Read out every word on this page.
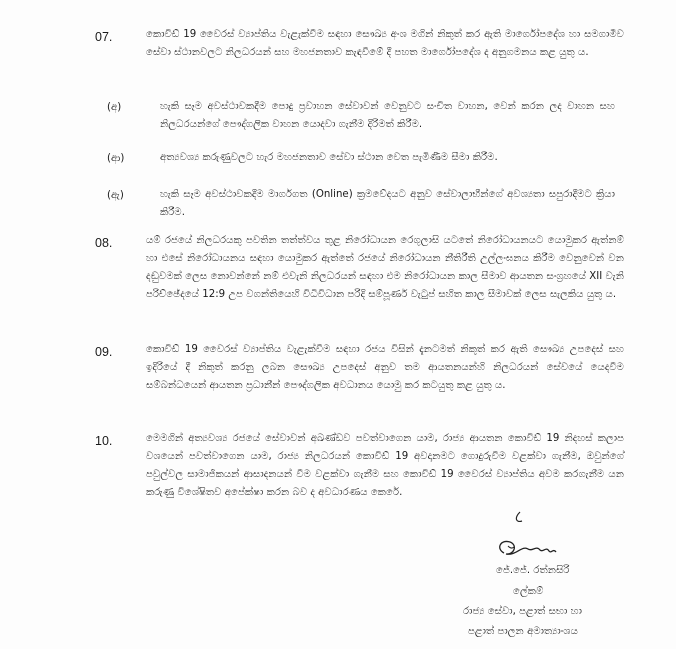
07.	කොවිඩ් 19 වෛරස් ව්‍යාප්තිය වැළැක්වීම සඳහා සෞඛ්‍ය අංශ මගින් නිකුත් කර ඇති මාර්ගෝපදේශ හා සමගාමීව සේවා ස්ථානවලට නිලධරයන් සහ මහජනතාව කැඳවීමේ දී පහත මාර්ගෝපදේශ ද අනුගමනය කළ යුතු ය.

(අ)	හැකි සෑම අවස්ථාවකදීම පොදු ප්‍රවාහන සේවාවන් වෙනුවට සංචිත වාහන, වෙන් කරන ලද වාහන සහ නිලධරයන්ගේ පෞද්ගලික වාහන යොදවා ගැනීම දිරිමත් කිරීම.

(ආ)	අත්‍යවශ්‍ය කරුණුවලට හැර මහජනතාව සේවා ස්ථාන වෙත පැමිණීම සීමා කිරීම.

(ඇ)	හැකි සෑම අවස්ථාවකදීම මාර්ගගත (Online) ක්‍රමවේදයට අනුව සේවාලාභීන්ගේ අවශ්‍යතා සපුරාදීමට ක්‍රියා කිරීම.

08.	යම් රජයේ නිලධරයකු පවතින තත්ත්වය තුළ නිරෝධායන රෙගුලාසි යටතේ නිරෝධායනයට යොමුකර ඇත්නම් හා එසේ නිරෝධායනය සඳහා යොමුකර ඇත්තේ රජයේ නිරෝධායන නීතිරීති උල්ලංඝනය කිරීම වෙනුවෙන් වන දඬුවමක් ලෙස නොවන්නේ නම් එවැනි නිලධරයන් සඳහා එම නිරෝධායන කාල සීමාව ආයතන සංග්‍රහයේ XII වැනි පරිච්ඡේදයේ 12:9 උප වගන්තියෙහි විධිවිධාන පරිදි සම්පූර්ණ වැටුප් සහිත කාල සීමාවක් ලෙස සැලකිය යුතු ය.

09.	කොවිඩ් 19 වෛරස් ව්‍යාප්තිය වැළැක්වීම සඳහා රජය විසින් දැනටමත් නිකුත් කර ඇති සෞඛ්‍ය උපදෙස් සහ ඉදිරියේ දී නිකුත් කරනු ලබන සෞඛ්‍ය උපදෙස් අනුව තම ආයතනයන්හි නිලධරයන් සේවයේ යෙදවීම සම්බන්ධයෙන් ආයතන ප්‍රධානීන් පෞද්ගලික අවධානය යොමු කර කටයුතු කළ යුතු ය.

10.	මෙමගින් අත්‍යවශ්‍ය රජයේ සේවාවන් අඛණ්ඩව පවත්වාගෙන යාම, රාජ්‍ය ආයතන කොවිඩ් 19 නිදහස් කලාප වශයෙන් පවත්වාගෙන යාම, රාජ්‍ය නිලධරයන් කොවිඩ් 19 අවදානමට ගොදුරුවීම වළක්වා ගැනීම, ඔවුන්ගේ පවුල්වල සාමාජිකයන් ආසාදනයන් වීම වළක්වා ගැනීම සහ කොවිඩ් 19 වෛරස් ව්‍යාප්තිය අවම කරගැනීම යන කරුණු විශේෂිතව අපේක්ෂා කරන බව ද අවධාරණය කෙරේ.

ජේ.ජේ. රත්නසිරි
ලේකම්
රාජ්‍ය සේවා, පළාත් සභා හා
පළාත් පාලන අමාත්‍යාංශය
